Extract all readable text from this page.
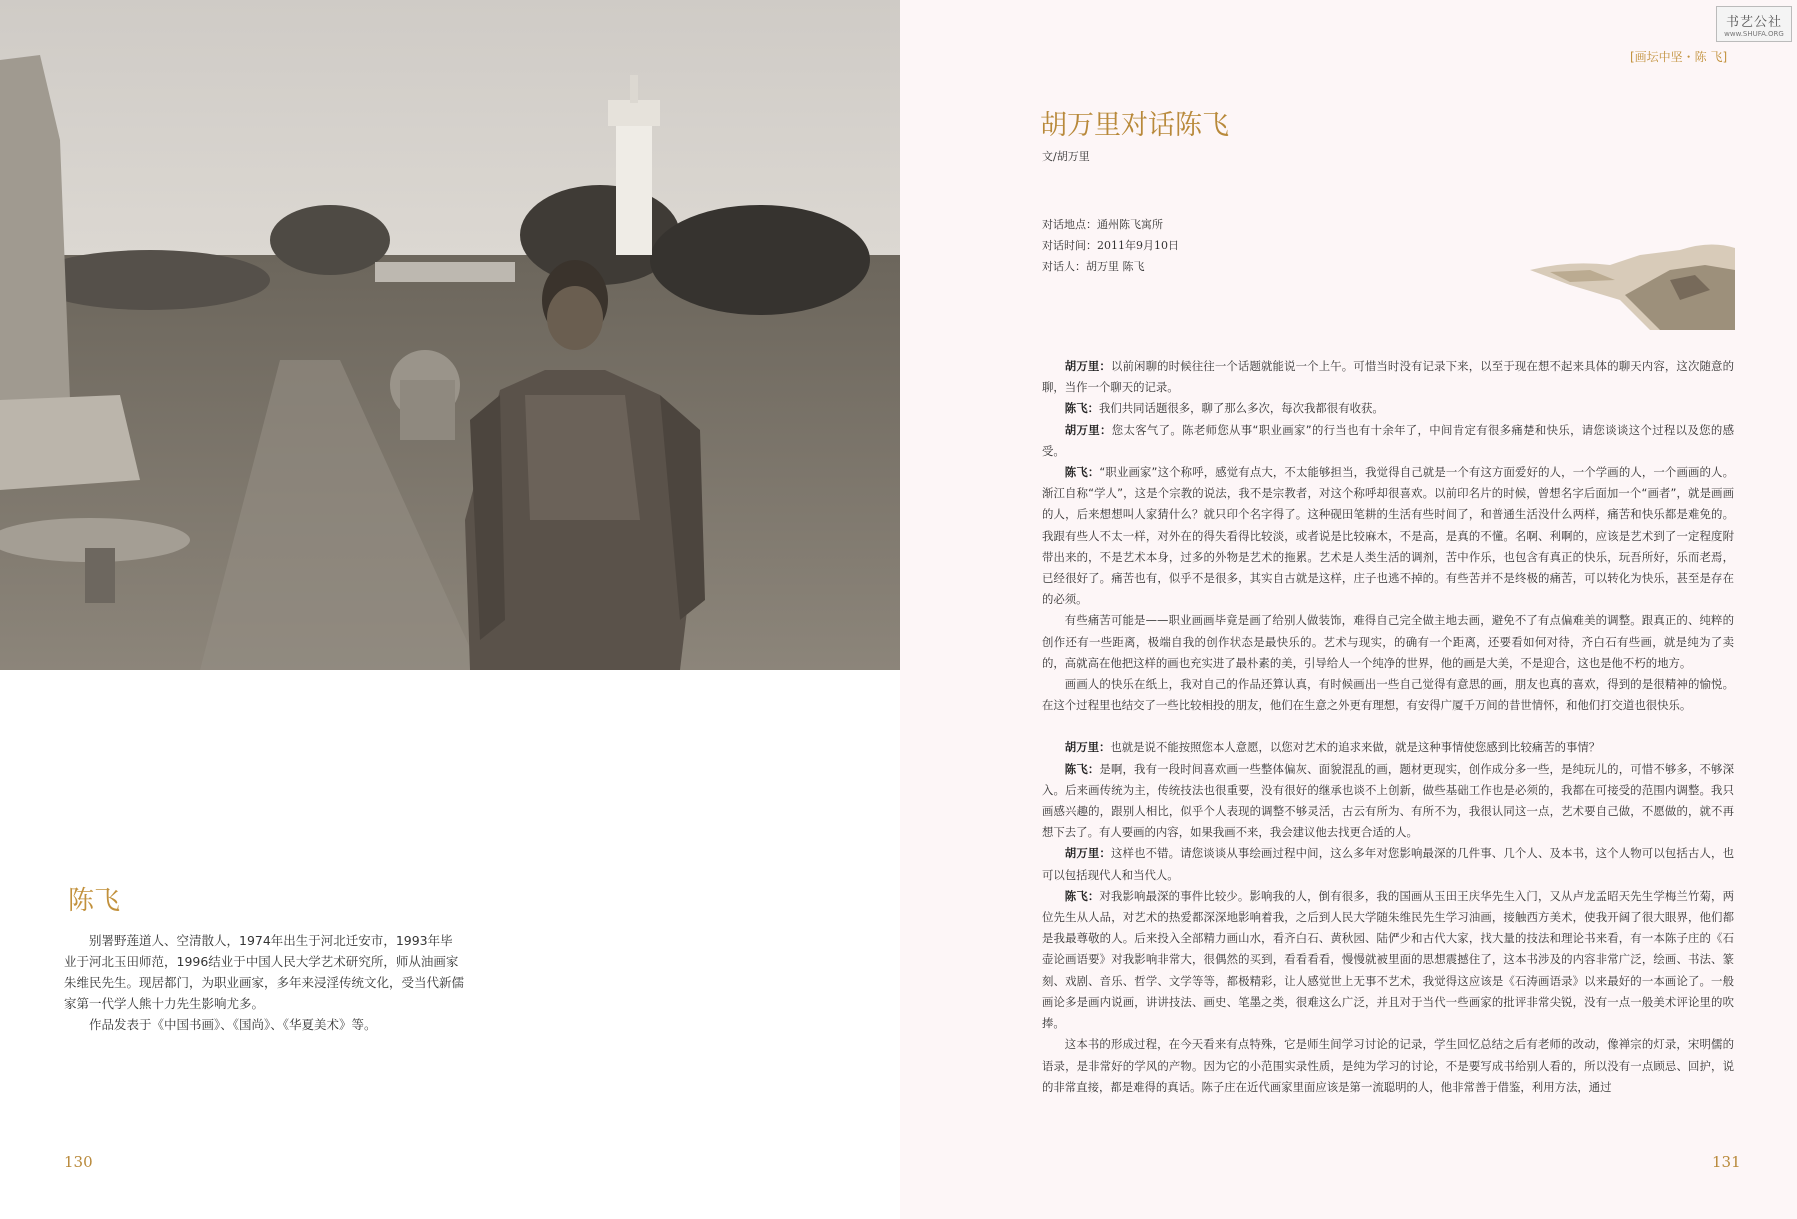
陈飞

别署野莲道人、空清散人，1974年出生于河北迁安市，1993年毕业于河北玉田师范，1996结业于中国人民大学艺术研究所，师从油画家朱维民先生。现居都门，为职业画家，多年来浸淫传统文化，受当代新儒家第一代学人熊十力先生影响尤多。

作品发表于《中国书画》、《国尚》、《华夏美术》等。

130
书艺公社
www.SHUFA.ORG
[画坛中坚・陈 飞]
胡万里对话陈飞
文/胡万里
对话地点：通州陈飞寓所
对话时间：2011年9月10日
对话人：胡万里 陈飞

胡万里：以前闲聊的时候往往一个话题就能说一个上午。可惜当时没有记录下来，以至于现在想不起来具体的聊天内容，这次随意的聊，当作一个聊天的记录。

陈飞：我们共同话题很多，聊了那么多次，每次我都很有收获。

胡万里：您太客气了。陈老师您从事“职业画家”的行当也有十余年了，中间肯定有很多痛楚和快乐，请您谈谈这个过程以及您的感受。

陈飞：“职业画家”这个称呼，感觉有点大，不太能够担当，我觉得自己就是一个有这方面爱好的人，一个学画的人，一个画画的人。渐江自称“学人”，这是个宗教的说法，我不是宗教者，对这个称呼却很喜欢。以前印名片的时候，曾想名字后面加一个“画者”，就是画画的人，后来想想叫人家猜什么？就只印个名字得了。这种砚田笔耕的生活有些时间了，和普通生活没什么两样，痛苦和快乐都是难免的。我跟有些人不太一样，对外在的得失看得比较淡，或者说是比较麻木，不是高，是真的不懂。名啊、利啊的，应该是艺术到了一定程度附带出来的，不是艺术本身，过多的外物是艺术的拖累。艺术是人类生活的调剂，苦中作乐，也包含有真正的快乐，玩吾所好，乐而老焉，已经很好了。痛苦也有，似乎不是很多，其实自古就是这样，庄子也逃不掉的。有些苦并不是终极的痛苦，可以转化为快乐，甚至是存在的必须。

有些痛苦可能是——职业画画毕竟是画了给别人做装饰，难得自己完全做主地去画，避免不了有点偏难美的调整。跟真正的、纯粹的创作还有一些距离，极端自我的创作状态是最快乐的。艺术与现实，的确有一个距离，还要看如何对待，齐白石有些画，就是纯为了卖的，高就高在他把这样的画也充实进了最朴素的美，引导给人一个纯净的世界，他的画是大美，不是迎合，这也是他不朽的地方。

画画人的快乐在纸上，我对自己的作品还算认真，有时候画出一些自己觉得有意思的画，朋友也真的喜欢，得到的是很精神的愉悦。在这个过程里也结交了一些比较相投的朋友，他们在生意之外更有理想，有安得广厦千万间的昔世情怀，和他们打交道也很快乐。

胡万里：也就是说不能按照您本人意愿，以您对艺术的追求来做，就是这种事情使您感到比较痛苦的事情？

陈飞：是啊，我有一段时间喜欢画一些整体偏灰、面貌混乱的画，题材更现实，创作成分多一些，是纯玩儿的，可惜不够多，不够深入。后来画传统为主，传统技法也很重要，没有很好的继承也谈不上创新，做些基础工作也是必须的，我都在可接受的范围内调整。我只画感兴趣的，跟别人相比，似乎个人表现的调整不够灵活，古云有所为、有所不为，我很认同这一点，艺术要自己做，不愿做的，就不再想下去了。有人要画的内容，如果我画不来，我会建议他去找更合适的人。

胡万里：这样也不错。请您谈谈从事绘画过程中间，这么多年对您影响最深的几件事、几个人、及本书，这个人物可以包括古人，也可以包括现代人和当代人。

陈飞：对我影响最深的事件比较少。影响我的人，倒有很多，我的国画从玉田王庆华先生入门，又从卢龙孟昭天先生学梅兰竹菊，两位先生从人品，对艺术的热爱都深深地影响着我，之后到人民大学随朱维民先生学习油画，接触西方美术，使我开阔了很大眼界，他们都是我最尊敬的人。后来投入全部精力画山水，看齐白石、黄秋园、陆俨少和古代大家，找大量的技法和理论书来看，有一本陈子庄的《石壶论画语要》对我影响非常大，很偶然的买到，看看看看，慢慢就被里面的思想震撼住了，这本书涉及的内容非常广泛，绘画、书法、篆刻、戏剧、音乐、哲学、文学等等，都极精彩，让人感觉世上无事不艺术，我觉得这应该是《石涛画语录》以来最好的一本画论了。一般画论多是画内说画，讲讲技法、画史、笔墨之类，很难这么广泛，并且对于当代一些画家的批评非常尖锐，没有一点一般美术评论里的吹捧。

这本书的形成过程，在今天看来有点特殊，它是师生间学习讨论的记录，学生回忆总结之后有老师的改动，像禅宗的灯录，宋明儒的语录，是非常好的学风的产物。因为它的小范围实录性质，是纯为学习的讨论，不是要写成书给别人看的，所以没有一点顾忌、回护，说的非常直接，都是难得的真话。陈子庄在近代画家里面应该是第一流聪明的人，他非常善于借鉴，利用方法，通过

131
